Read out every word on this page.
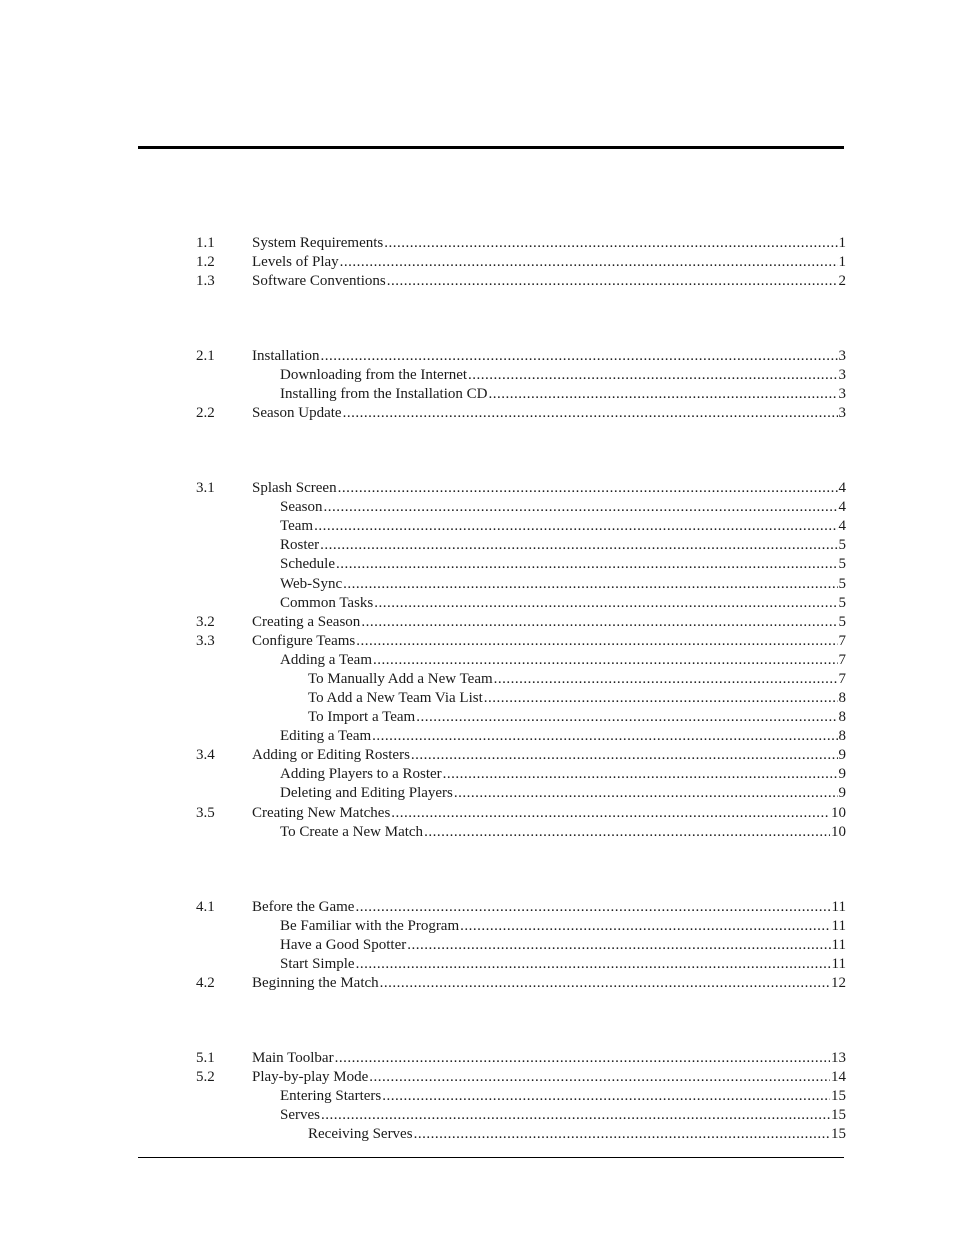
1.1 System Requirements .....	1
1.2 Levels of Play .....	1
1.3 Software Conventions .....	2
2.1 Installation .....	3
Downloading from the Internet .....	3
Installing from the Installation CD .....	3
2.2 Season Update .....	3
3.1 Splash Screen .....	4
Season .....	4
Team .....	4
Roster .....	5
Schedule .....	5
Web-Sync .....	5
Common Tasks .....	5
3.2 Creating a Season .....	5
3.3 Configure Teams .....	7
Adding a Team .....	7
To Manually Add a New Team .....	7
To Add a New Team Via List .....	8
To Import a Team .....	8
Editing a Team .....	8
3.4 Adding or Editing Rosters .....	9
Adding Players to a Roster .....	9
Deleting and Editing Players .....	9
3.5 Creating New Matches .....	10
To Create a New Match .....	10
4.1 Before the Game .....	11
Be Familiar with the Program .....	11
Have a Good Spotter .....	11
Start Simple .....	11
4.2 Beginning the Match .....	12
5.1 Main Toolbar .....	13
5.2 Play-by-play Mode .....	14
Entering Starters .....	15
Serves .....	15
Receiving Serves .....	15
